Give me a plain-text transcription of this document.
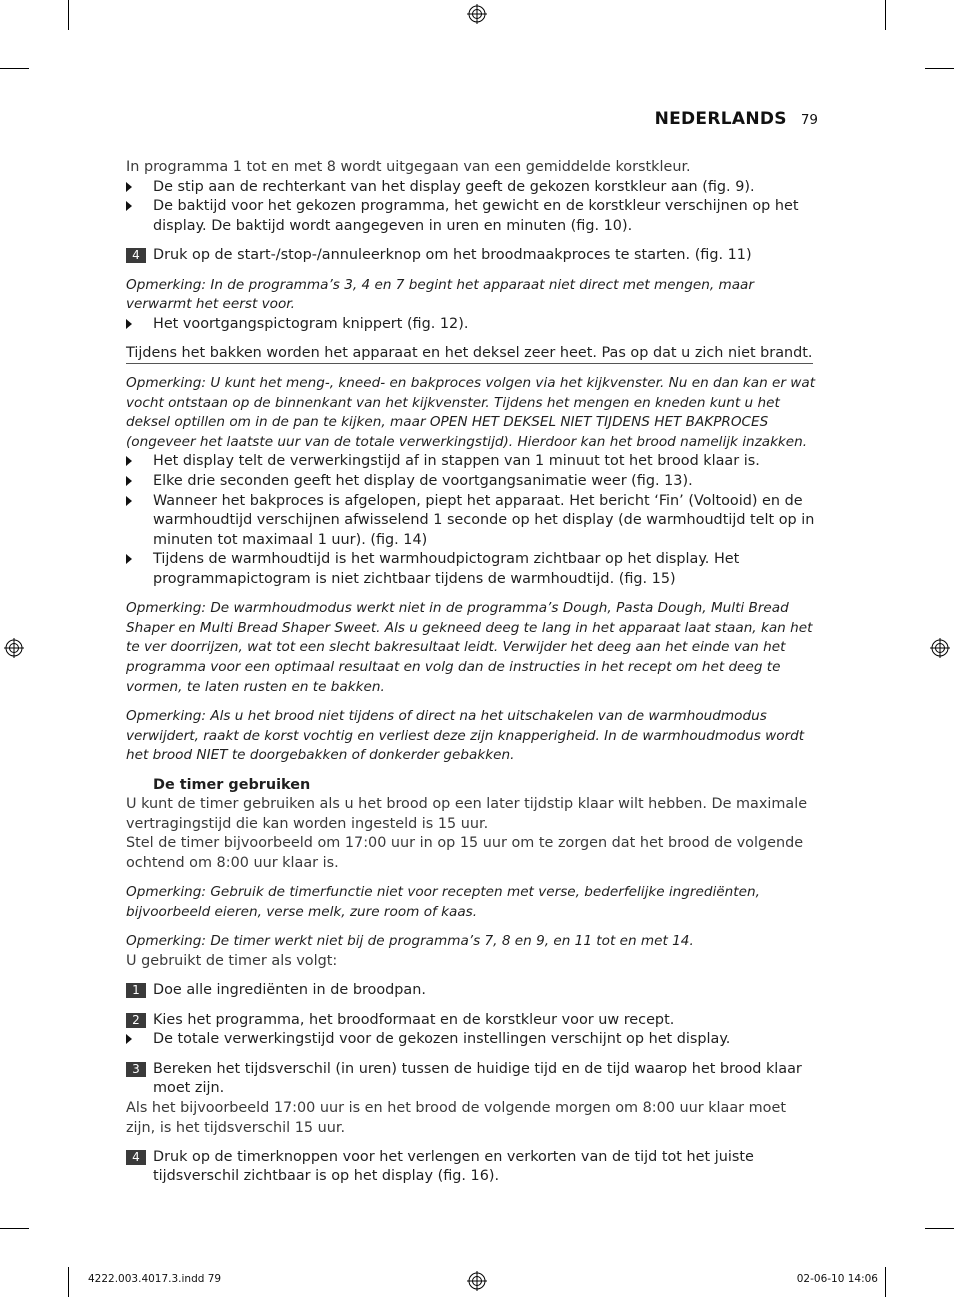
NEDERLANDS 79
In programma 1 tot en met 8 wordt uitgegaan van een gemiddelde korstkleur.
De stip aan de rechterkant van het display geeft de gekozen korstkleur aan (fig. 9).
De baktijd voor het gekozen programma, het gewicht en de korstkleur verschijnen op het display. De baktijd wordt aangegeven in uren en minuten (fig. 10).
4 Druk op de start-/stop-/annuleerknop om het broodmaakproces te starten. (fig. 11)
Opmerking: In de programma’s 3, 4 en 7 begint het apparaat niet direct met mengen, maar verwarmt het eerst voor.
Het voortgangspictogram knippert (fig. 12).
Tijdens het bakken worden het apparaat en het deksel zeer heet. Pas op dat u zich niet brandt.
Opmerking: U kunt het meng-, kneed- en bakproces volgen via het kijkvenster. Nu en dan kan er wat vocht ontstaan op de binnenkant van het kijkvenster. Tijdens het mengen en kneden kunt u het deksel optillen om in de pan te kijken, maar OPEN HET DEKSEL NIET TIJDENS HET BAKPROCES (ongeveer het laatste uur van de totale verwerkingstijd). Hierdoor kan het brood namelijk inzakken.
Het display telt de verwerkingstijd af in stappen van 1 minuut tot het brood klaar is.
Elke drie seconden geeft het display de voortgangsanimatie weer (fig. 13).
Wanneer het bakproces is afgelopen, piept het apparaat. Het bericht ‘Fin’ (Voltooid) en de warmhoudtijd verschijnen afwisselend 1 seconde op het display (de warmhoudtijd telt op in minuten tot maximaal 1 uur). (fig. 14)
Tijdens de warmhoudtijd is het warmhoudpictogram zichtbaar op het display. Het programmapictogram is niet zichtbaar tijdens de warmhoudtijd. (fig. 15)
Opmerking: De warmhoudmodus werkt niet in de programma’s Dough, Pasta Dough, Multi Bread Shaper en Multi Bread Shaper Sweet. Als u gekneed deeg te lang in het apparaat laat staan, kan het te ver doorrijzen, wat tot een slecht bakresultaat leidt. Verwijder het deeg aan het einde van het programma voor een optimaal resultaat en volg dan de instructies in het recept om het deeg te vormen, te laten rusten en te bakken.
Opmerking: Als u het brood niet tijdens of direct na het uitschakelen van de warmhoudmodus verwijdert, raakt de korst vochtig en verliest deze zijn knapperigheid. In de warmhoudmodus wordt het brood NIET te doorgebakken of donkerder gebakken.
De timer gebruiken
U kunt de timer gebruiken als u het brood op een later tijdstip klaar wilt hebben. De maximale vertragingstijd die kan worden ingesteld is 15 uur.
Stel de timer bijvoorbeeld om 17:00 uur in op 15 uur om te zorgen dat het brood de volgende ochtend om 8:00 uur klaar is.
Opmerking: Gebruik de timerfunctie niet voor recepten met verse, bederfelijke ingrediënten, bijvoorbeeld eieren, verse melk, zure room of kaas.
Opmerking: De timer werkt niet bij de programma’s 7, 8 en 9, en 11 tot en met 14.
U gebruikt de timer als volgt:
1 Doe alle ingrediënten in de broodpan.
2 Kies het programma, het broodformaat en de korstkleur voor uw recept.
De totale verwerkingstijd voor de gekozen instellingen verschijnt op het display.
3 Bereken het tijdsverschil (in uren) tussen de huidige tijd en de tijd waarop het brood klaar moet zijn.
Als het bijvoorbeeld 17:00 uur is en het brood de volgende morgen om 8:00 uur klaar moet zijn, is het tijdsverschil 15 uur.
4 Druk op de timerknoppen voor het verlengen en verkorten van de tijd tot het juiste tijdsverschil zichtbaar is op het display (fig. 16).
4222.003.4017.3.indd 79	02-06-10 14:06
